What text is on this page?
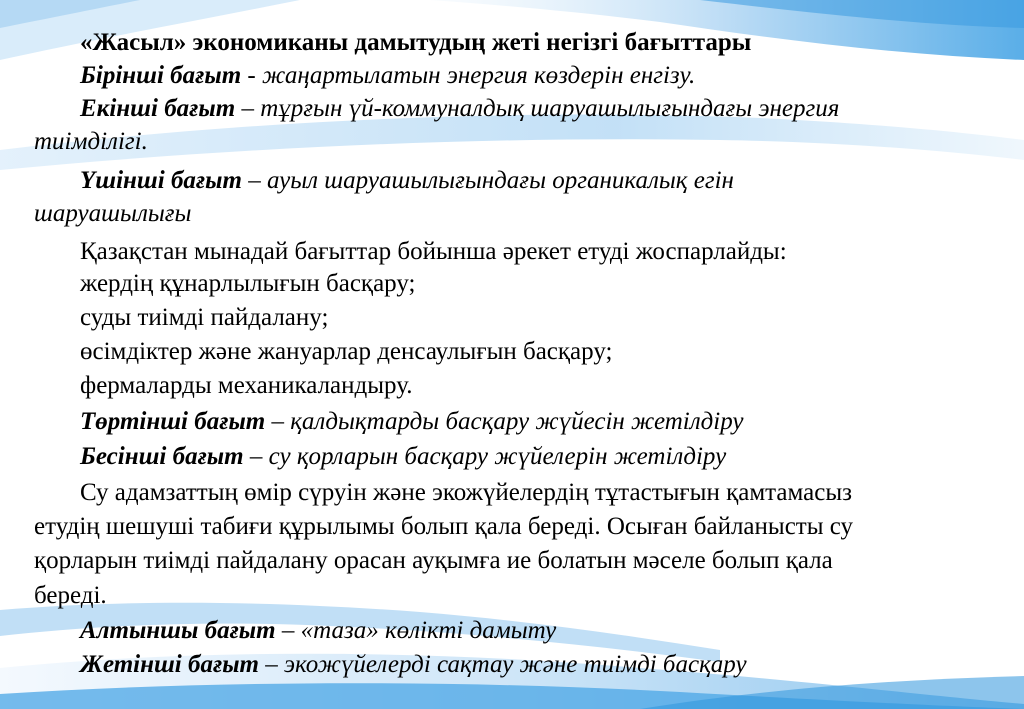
«Жасыл» экономиканы дамытудың жеті негізгі бағыттары

Бірінші бағыт - жаңартылатын энергия көздерін енгізу.

Екінші бағыт – тұрғын үй-коммуналдық шаруашылығындағы энергия

тиімділігі.

Үшінші бағыт – ауыл шаруашылығындағы органикалық егін

шаруашылығы

Қазақстан мынадай бағыттар бойынша әрекет етуді жоспарлайды:

жердің құнарлылығын басқару;

суды тиімді пайдалану;

өсімдіктер және жануарлар денсаулығын басқару;

фермаларды механикаландыру.

Төртінші бағыт – қалдықтарды басқару жүйесін жетілдіру

Бесінші бағыт – су қорларын басқару жүйелерін жетілдіру

Су адамзаттың өмір сүруін және экожүйелердің тұтастығын қамтамасыз

етудің шешуші табиғи құрылымы болып қала береді. Осыған байланысты су

қорларын тиімді пайдалану орасан ауқымға ие болатын мәселе болып қала

береді.

Алтыншы бағыт – «таза» көлікті дамыту

Жетінші бағыт – экожүйелерді сақтау және тиімді басқару
